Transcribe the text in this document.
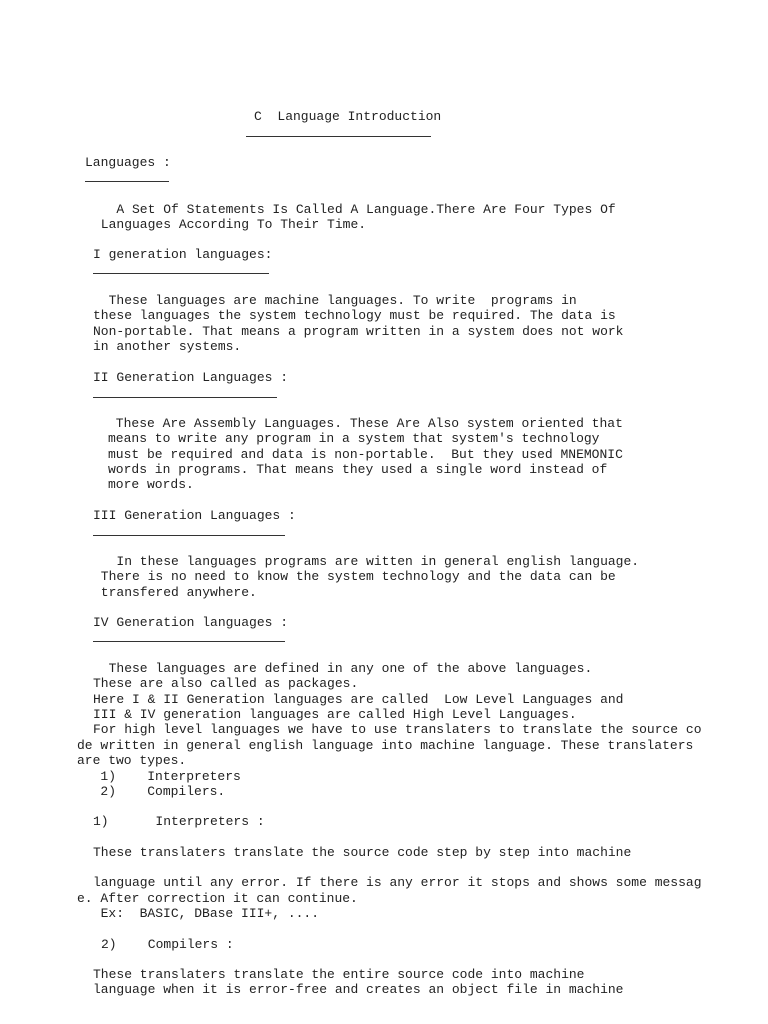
C  Language Introduction
Languages :
A Set Of Statements Is Called A Language.There Are Four Types Of
Languages According To Their Time.
I generation languages:
These languages are machine languages. To write  programs in
these languages the system technology must be required. The data is
Non-portable. That means a program written in a system does not work
in another systems.
II Generation Languages :
These Are Assembly Languages. These Are Also system oriented that
means to write any program in a system that system's technology
must be required and data is non-portable.  But they used MNEMONIC
words in programs. That means they used a single word instead of
more words.
III Generation Languages :
In these languages programs are witten in general english language.
There is no need to know the system technology and the data can be
transfered anywhere.
IV Generation languages :
These languages are defined in any one of the above languages.
These are also called as packages.
Here I & II Generation languages are called  Low Level Languages and
III & IV generation languages are called High Level Languages.
For high level languages we have to use translaters to translate the source co
de written in general english language into machine language. These translaters
are two types.
1)    Interpreters
2)    Compilers.
1)      Interpreters :
These translaters translate the source code step by step into machine
language until any error. If there is any error it stops and shows some messag
e. After correction it can continue.
Ex:  BASIC, DBase III+, ....
2)    Compilers :
These translaters translate the entire source code into machine
language when it is error-free and creates an object file in machine
